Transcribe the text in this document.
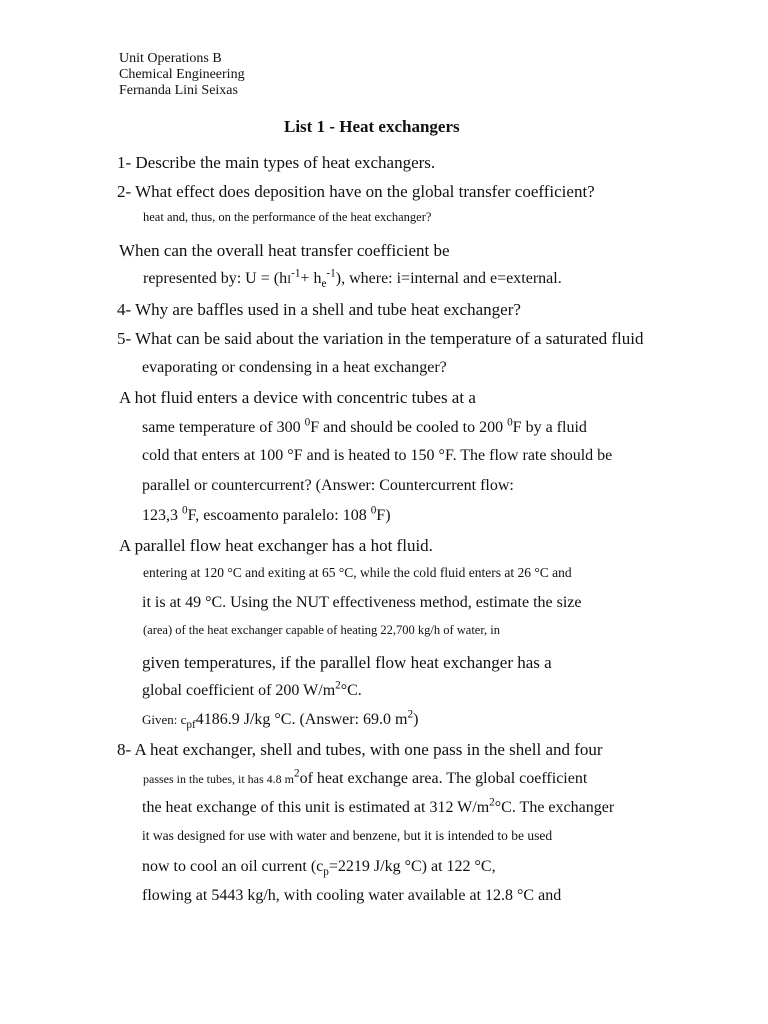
Unit Operations B
Chemical Engineering
Fernanda Lini Seixas
List 1 - Heat exchangers
1- Describe the main types of heat exchangers.
2- What effect does deposition have on the global transfer coefficient?
heat and, thus, on the performance of the heat exchanger?
When can the overall heat transfer coefficient be
represented by: $U = (hI^{-1}+ h_e^{-1})$, where: i=internal and e=external.
4- Why are baffles used in a shell and tube heat exchanger?
5- What can be said about the variation in the temperature of a saturated fluid
evaporating or condensing in a heat exchanger?
A hot fluid enters a device with concentric tubes at a
same temperature of 300 $^0$F and should be cooled to 200 $^0$F by a fluid
cold that enters at 100 °F and is heated to 150 °F. The flow rate should be
parallel or countercurrent? (Answer: Countercurrent flow:
123,3 $^0$F, escoamento paralelo: 108 $^0$F)
A parallel flow heat exchanger has a hot fluid.
entering at 120 °C and exiting at 65 °C, while the cold fluid enters at 26 °C and
it is at 49 °C. Using the NUT effectiveness method, estimate the size
(area) of the heat exchanger capable of heating 22,700 kg/h of water, in
given temperatures, if the parallel flow heat exchanger has a
global coefficient of 200 $W/m^2^\circ C$.
Given: $c_{pf}4186.9$ J/kg °C. (Answer: 69.0 $m^2$)
8- A heat exchanger, shell and tubes, with one pass in the shell and four
passes in the tubes, it has 4.8 $m^2of$ heat exchange area. The global coefficient
the heat exchange of this unit is estimated at 312 $W/m^2^\circ C$. The exchanger
it was designed for use with water and benzene, but it is intended to be used
now to cool an oil current ($c_p=2219$ J/kg °C) at 122 °C,
flowing at 5443 kg/h, with cooling water available at 12.8 °C and
